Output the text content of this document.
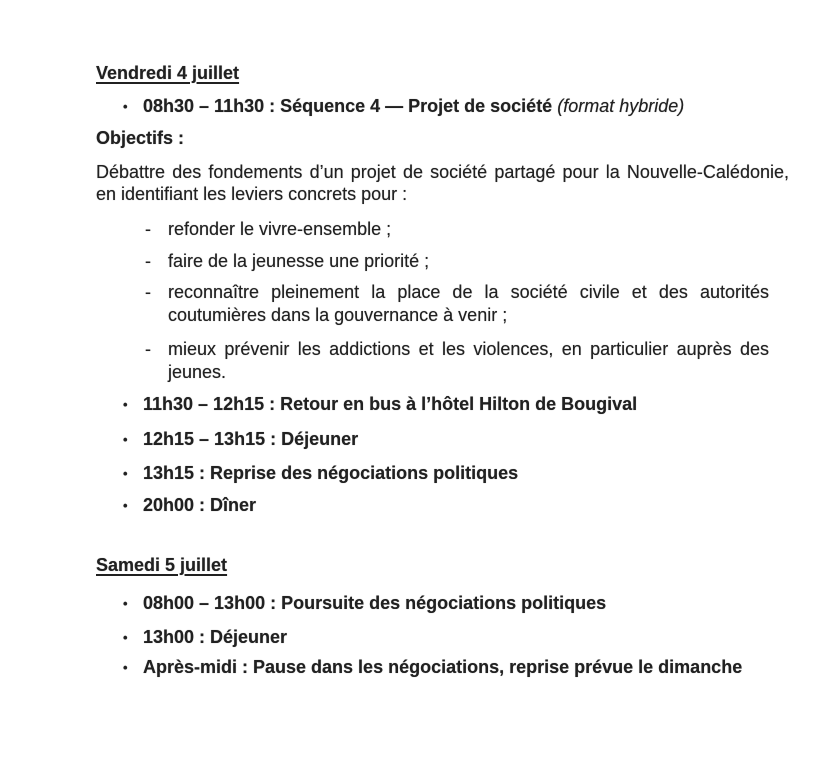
Vendredi 4 juillet
• 08h30 – 11h30 : Séquence 4 — Projet de société (format hybride)
Objectifs :
Débattre des fondements d’un projet de société partagé pour la Nouvelle-Calédonie, en identifiant les leviers concrets pour :
- refonder le vivre-ensemble ;
- faire de la jeunesse une priorité ;
- reconnaître pleinement la place de la société civile et des autorités coutumières dans la gouvernance à venir ;
- mieux prévenir les addictions et les violences, en particulier auprès des jeunes.
• 11h30 – 12h15 : Retour en bus à l’hôtel Hilton de Bougival
• 12h15 – 13h15 : Déjeuner
• 13h15 : Reprise des négociations politiques
• 20h00 : Dîner
Samedi 5 juillet
• 08h00 – 13h00 : Poursuite des négociations politiques
• 13h00 : Déjeuner
• Après-midi : Pause dans les négociations, reprise prévue le dimanche
